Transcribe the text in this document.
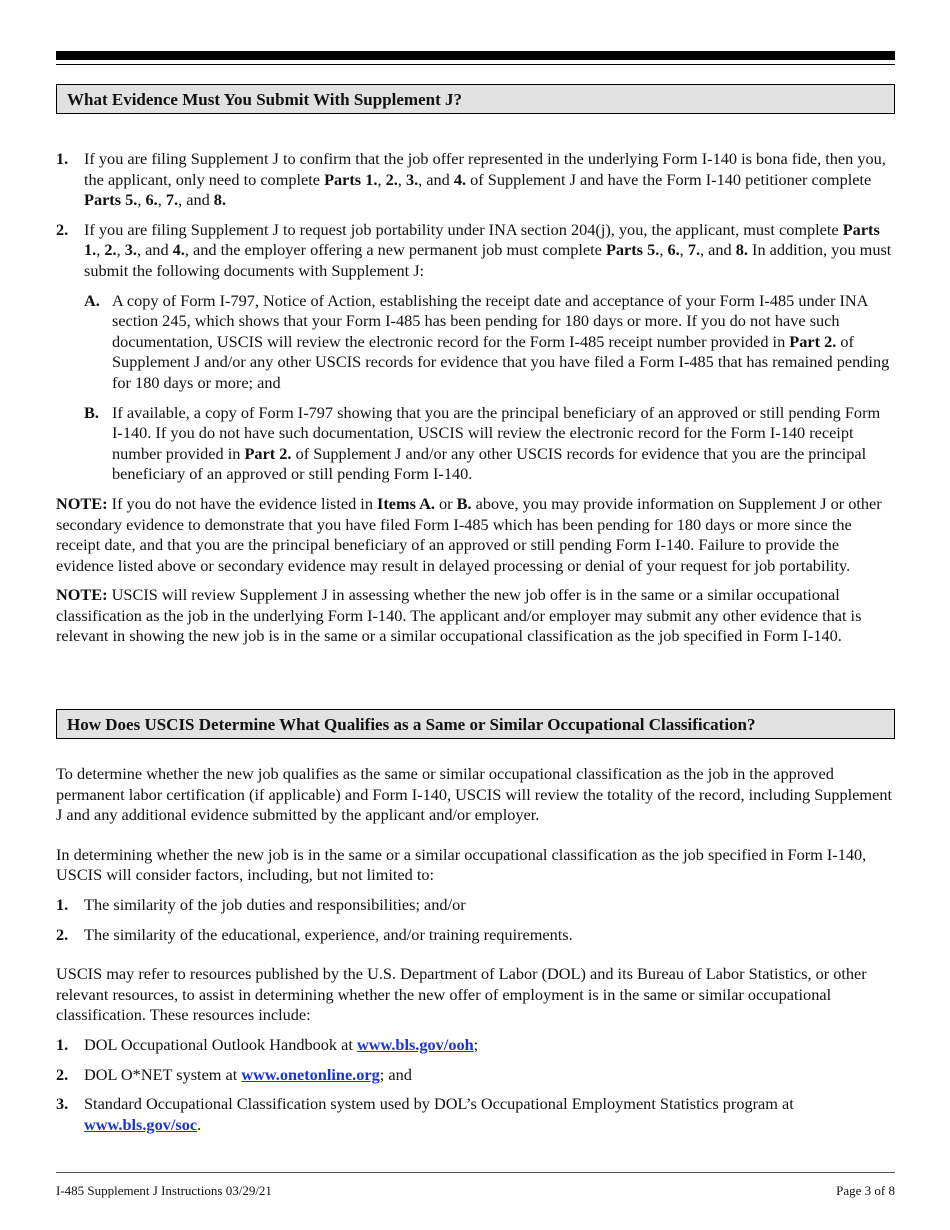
What Evidence Must You Submit With Supplement J?
1. If you are filing Supplement J to confirm that the job offer represented in the underlying Form I-140 is bona fide, then you, the applicant, only need to complete Parts 1., 2., 3., and 4. of Supplement J and have the Form I-140 petitioner complete Parts 5., 6., 7., and 8.

2. If you are filing Supplement J to request job portability under INA section 204(j), you, the applicant, must complete Parts 1., 2., 3., and 4., and the employer offering a new permanent job must complete Parts 5., 6., 7., and 8. In addition, you must submit the following documents with Supplement J:

A. A copy of Form I-797, Notice of Action, establishing the receipt date and acceptance of your Form I-485 under INA section 245, which shows that your Form I-485 has been pending for 180 days or more. If you do not have such documentation, USCIS will review the electronic record for the Form I-485 receipt number provided in Part 2. of Supplement J and/or any other USCIS records for evidence that you have filed a Form I-485 that has remained pending for 180 days or more; and

B. If available, a copy of Form I-797 showing that you are the principal beneficiary of an approved or still pending Form I-140. If you do not have such documentation, USCIS will review the electronic record for the Form I-140 receipt number provided in Part 2. of Supplement J and/or any other USCIS records for evidence that you are the principal beneficiary of an approved or still pending Form I-140.

NOTE: If you do not have the evidence listed in Items A. or B. above, you may provide information on Supplement J or other secondary evidence to demonstrate that you have filed Form I-485 which has been pending for 180 days or more since the receipt date, and that you are the principal beneficiary of an approved or still pending Form I-140. Failure to provide the evidence listed above or secondary evidence may result in delayed processing or denial of your request for job portability.

NOTE: USCIS will review Supplement J in assessing whether the new job offer is in the same or a similar occupational classification as the job in the underlying Form I-140. The applicant and/or employer may submit any other evidence that is relevant in showing the new job is in the same or a similar occupational classification as the job specified in Form I-140.

How Does USCIS Determine What Qualifies as a Same or Similar Occupational Classification?

To determine whether the new job qualifies as the same or similar occupational classification as the job in the approved permanent labor certification (if applicable) and Form I-140, USCIS will review the totality of the record, including Supplement J and any additional evidence submitted by the applicant and/or employer.

In determining whether the new job is in the same or a similar occupational classification as the job specified in Form I-140, USCIS will consider factors, including, but not limited to:

1. The similarity of the job duties and responsibilities; and/or

2. The similarity of the educational, experience, and/or training requirements.

USCIS may refer to resources published by the U.S. Department of Labor (DOL) and its Bureau of Labor Statistics, or other relevant resources, to assist in determining whether the new offer of employment is in the same or similar occupational classification. These resources include:

1. DOL Occupational Outlook Handbook at www.bls.gov/ooh;

2. DOL O*NET system at www.onetonline.org; and

3. Standard Occupational Classification system used by DOL’s Occupational Employment Statistics program at www.bls.gov/soc.

I-485 Supplement J Instructions 03/29/21	Page 3 of 8
